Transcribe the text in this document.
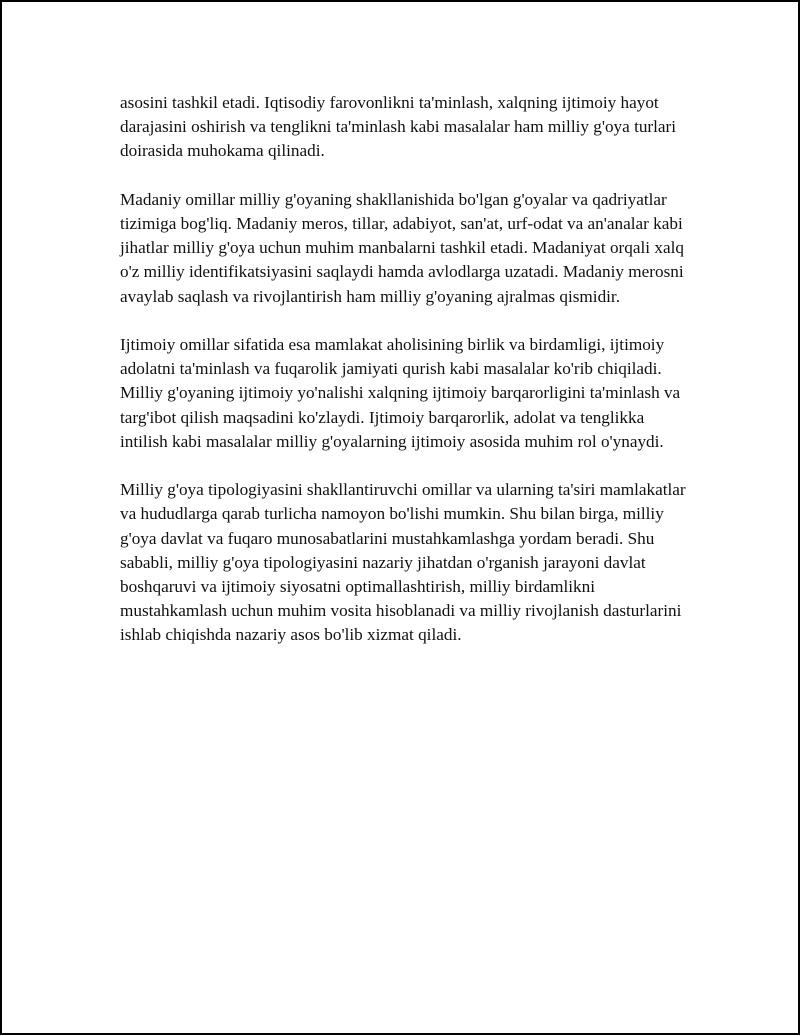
asosini tashkil etadi. Iqtisodiy farovonlikni ta'minlash, xalqning ijtimoiy hayot darajasini oshirish va tenglikni ta'minlash kabi masalalar ham milliy g'oya turlari doirasida muhokama qilinadi.

Madaniy omillar milliy g'oyaning shakllanishida bo'lgan g'oyalar va qadriyatlar tizimiga bog'liq. Madaniy meros, tillar, adabiyot, san'at, urf-odat va an'analar kabi jihatlar milliy g'oya uchun muhim manbalarni tashkil etadi. Madaniyat orqali xalq o'z milliy identifikatsiyasini saqlaydi hamda avlodlarga uzatadi. Madaniy merosni avaylab saqlash va rivojlantirish ham milliy g'oyaning ajralmas qismidir.

Ijtimoiy omillar sifatida esa mamlakat aholisining birlik va birdamligi, ijtimoiy adolatni ta'minlash va fuqarolik jamiyati qurish kabi masalalar ko'rib chiqiladi. Milliy g'oyaning ijtimoiy yo'nalishi xalqning ijtimoiy barqarorligini ta'minlash va targ'ibot qilish maqsadini ko'zlaydi. Ijtimoiy barqarorlik, adolat va tenglikka intilish kabi masalalar milliy g'oyalarning ijtimoiy asosida muhim rol o'ynaydi.

Milliy g'oya tipologiyasini shakllantiruvchi omillar va ularning ta'siri mamlakatlar va hududlarga qarab turlicha namoyon bo'lishi mumkin. Shu bilan birga, milliy g'oya davlat va fuqaro munosabatlarini mustahkamlashga yordam beradi. Shu sababli, milliy g'oya tipologiyasini nazariy jihatdan o'rganish jarayoni davlat boshqaruvi va ijtimoiy siyosatni optimallashtirish, milliy birdamlikni mustahkamlash uchun muhim vosita hisoblanadi va milliy rivojlanish dasturlarini ishlab chiqishda nazariy asos bo'lib xizmat qiladi.
